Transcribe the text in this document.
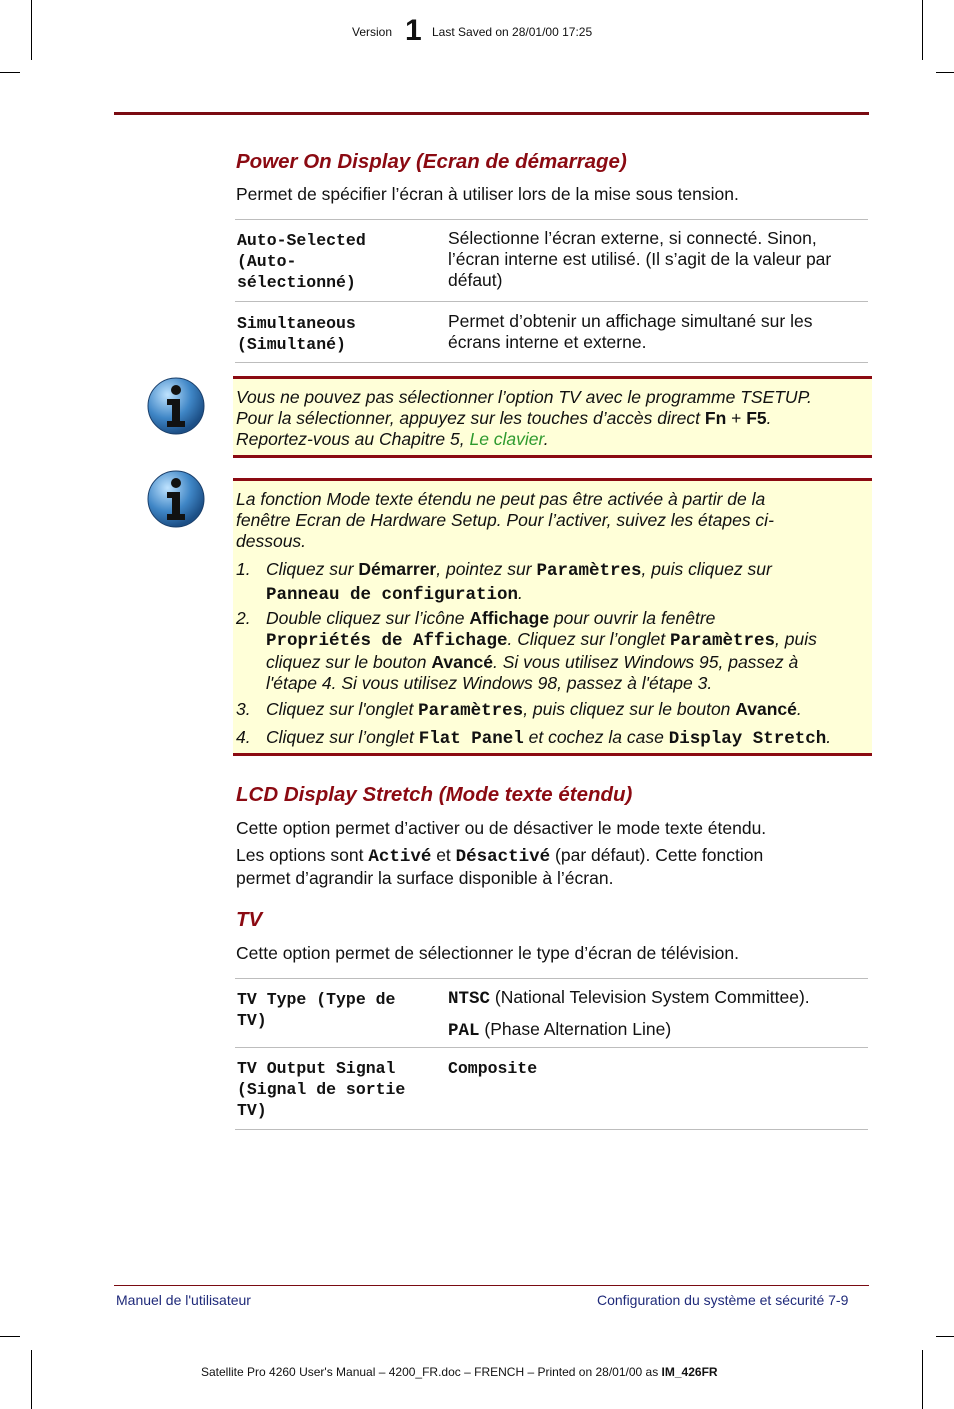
Version 1 Last Saved on 28/01/00 17:25
Power On Display (Ecran de démarrage)
Permet de spécifier l’écran à utiliser lors de la mise sous tension.
Auto-Selected
(Auto-
sélectionné)
Sélectionne l’écran externe, si connecté. Sinon,
l’écran interne est utilisé. (Il s’agit de la valeur par
défaut)
Simultaneous
(Simultané)
Permet d’obtenir un affichage simultané sur les
écrans interne et externe.
Vous ne pouvez pas sélectionner l’option TV avec le programme TSETUP.
Pour la sélectionner, appuyez sur les touches d’accès direct Fn + F5.
Reportez-vous au Chapitre 5, Le clavier.
La fonction Mode texte étendu ne peut pas être activée à partir de la
fenêtre Ecran de Hardware Setup. Pour l’activer, suivez les étapes ci-
dessous.
1. Cliquez sur Démarrer, pointez sur Paramètres, puis cliquez sur
Panneau de configuration.
2. Double cliquez sur l’icône Affichage pour ouvrir la fenêtre
Propriétés de Affichage. Cliquez sur l’onglet Paramètres, puis
cliquez sur le bouton Avancé. Si vous utilisez Windows 95, passez à
l'étape 4. Si vous utilisez Windows 98, passez à l'étape 3.
3. Cliquez sur l'onglet Paramètres, puis cliquez sur le bouton Avancé.
4. Cliquez sur l’onglet Flat Panel et cochez la case Display Stretch.
LCD Display Stretch (Mode texte étendu)
Cette option permet d’activer ou de désactiver le mode texte étendu.
Les options sont Activé et Désactivé (par défaut). Cette fonction
permet d’agrandir la surface disponible à l’écran.
TV
Cette option permet de sélectionner le type d’écran de télévision.
TV Type (Type de
TV)
NTSC (National Television System Committee).
PAL (Phase Alternation Line)
TV Output Signal
(Signal de sortie
TV)
Composite
Manuel de l'utilisateur	Configuration du système et sécurité 7-9
Satellite Pro 4260 User's Manual – 4200_FR.doc – FRENCH – Printed on 28/01/00 as IM_426FR
